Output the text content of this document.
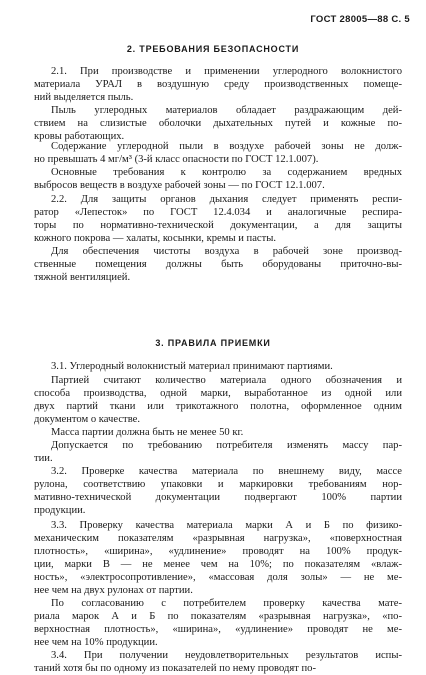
ГОСТ 28005—88 С. 5
2. ТРЕБОВАНИЯ БЕЗОПАСНОСТИ
2.1. При производстве и применении углеродного волокнистого
материала УРАЛ в воздушную среду производственных помеще-
ний выделяется пыль.
Пыль углеродных материалов обладает раздражающим дей-
ствием на слизистые оболочки дыхательных путей и кожные по-
кровы работающих.
Содержание углеродной пыли в воздухе рабочей зоны не долж-
но превышать 4 мг/м³ (3-й класс опасности по ГОСТ 12.1.007).
Основные требования к контролю за содержанием вредных
выбросов веществ в воздухе рабочей зоны — по ГОСТ 12.1.007.
2.2. Для защиты органов дыхания следует применять респи-
ратор «Лепесток» по ГОСТ 12.4.034 и аналогичные респира-
торы по нормативно-технической документации, а для защиты
кожного покрова — халаты, косынки, кремы и пасты.
Для обеспечения чистоты воздуха в рабочей зоне производ-
ственные помещения должны быть оборудованы приточно-вы-
тяжной вентиляцией.
3. ПРАВИЛА ПРИЕМКИ
3.1. Углеродный волокнистый материал принимают партиями.
Партией считают количество материала одного обозначения и
способа производства, одной марки, выработанное из одной или
двух партий ткани или трикотажного полотна, оформленное одним
документом о качестве.
Масса партии должна быть не менее 50 кг.
Допускается по требованию потребителя изменять массу пар-
тии.
3.2. Проверке качества материала по внешнему виду, массе
рулона, соответствию упаковки и маркировки требованиям нор-
мативно-технической документации подвергают 100% партии
продукции.
3.3. Проверку качества материала марки А и Б по физико-
механическим показателям «разрывная нагрузка», «поверхностная
плотность», «ширина», «удлинение» проводят на 100% продук-
ции, марки В — не менее чем на 10%; по показателям «влаж-
ность», «электросопротивление», «массовая доля золы» — не ме-
нее чем на двух рулонах от партии.
По согласованию с потребителем проверку качества мате-
риала марок А и Б по показателям «разрывная нагрузка», «по-
верхностная плотность», «ширина», «удлинение» проводят не ме-
нее чем на 10% продукции.
3.4. При получении неудовлетворительных результатов испы-
таний хотя бы по одному из показателей по нему проводят по-
